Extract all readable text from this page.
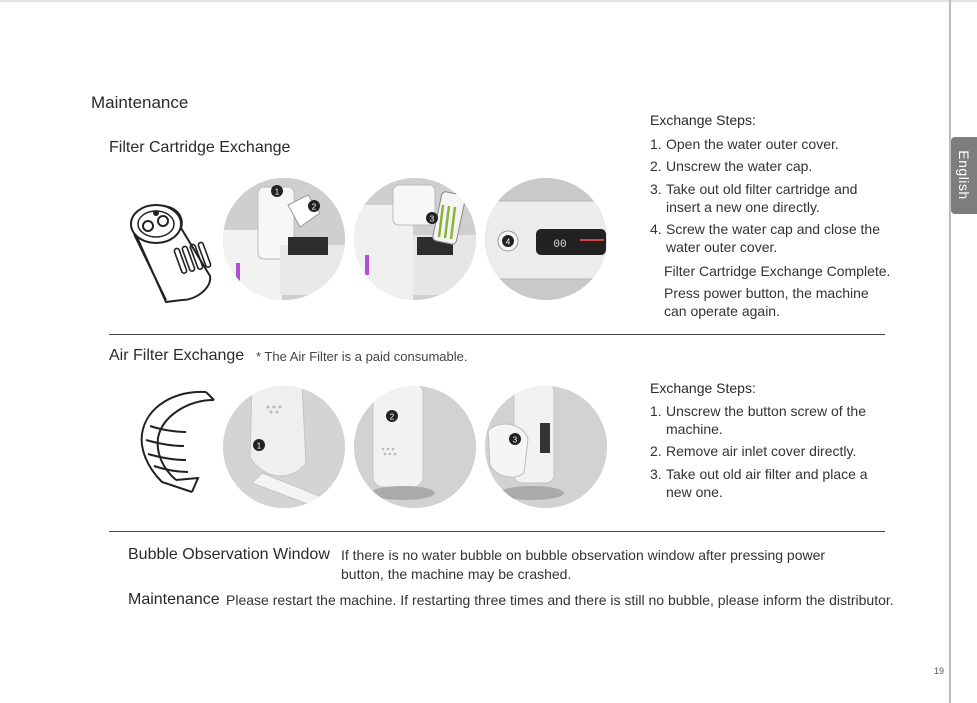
English
Maintenance
Filter Cartridge Exchange
1
2
3
4	00
Exchange Steps:
1. Open the water outer cover.
2. Unscrew the water cap.
3. Take out old filter cartridge and insert a new one directly.
4. Screw the water cap and close the water outer cover.
Filter Cartridge Exchange Complete.
Press power button, the machine can operate again.
Air Filter Exchange * The Air Filter is a paid consumable.
1
2
3
Exchange Steps:
1. Unscrew the button screw of the machine.
2. Remove air inlet cover directly.
3. Take out old air filter and place a new one.
Bubble Observation Window If there is no water bubble on bubble observation window after pressing power button, the machine may be crashed.
Maintenance Please restart the machine. If restarting three times and there is still no bubble, please inform the distributor.
19
